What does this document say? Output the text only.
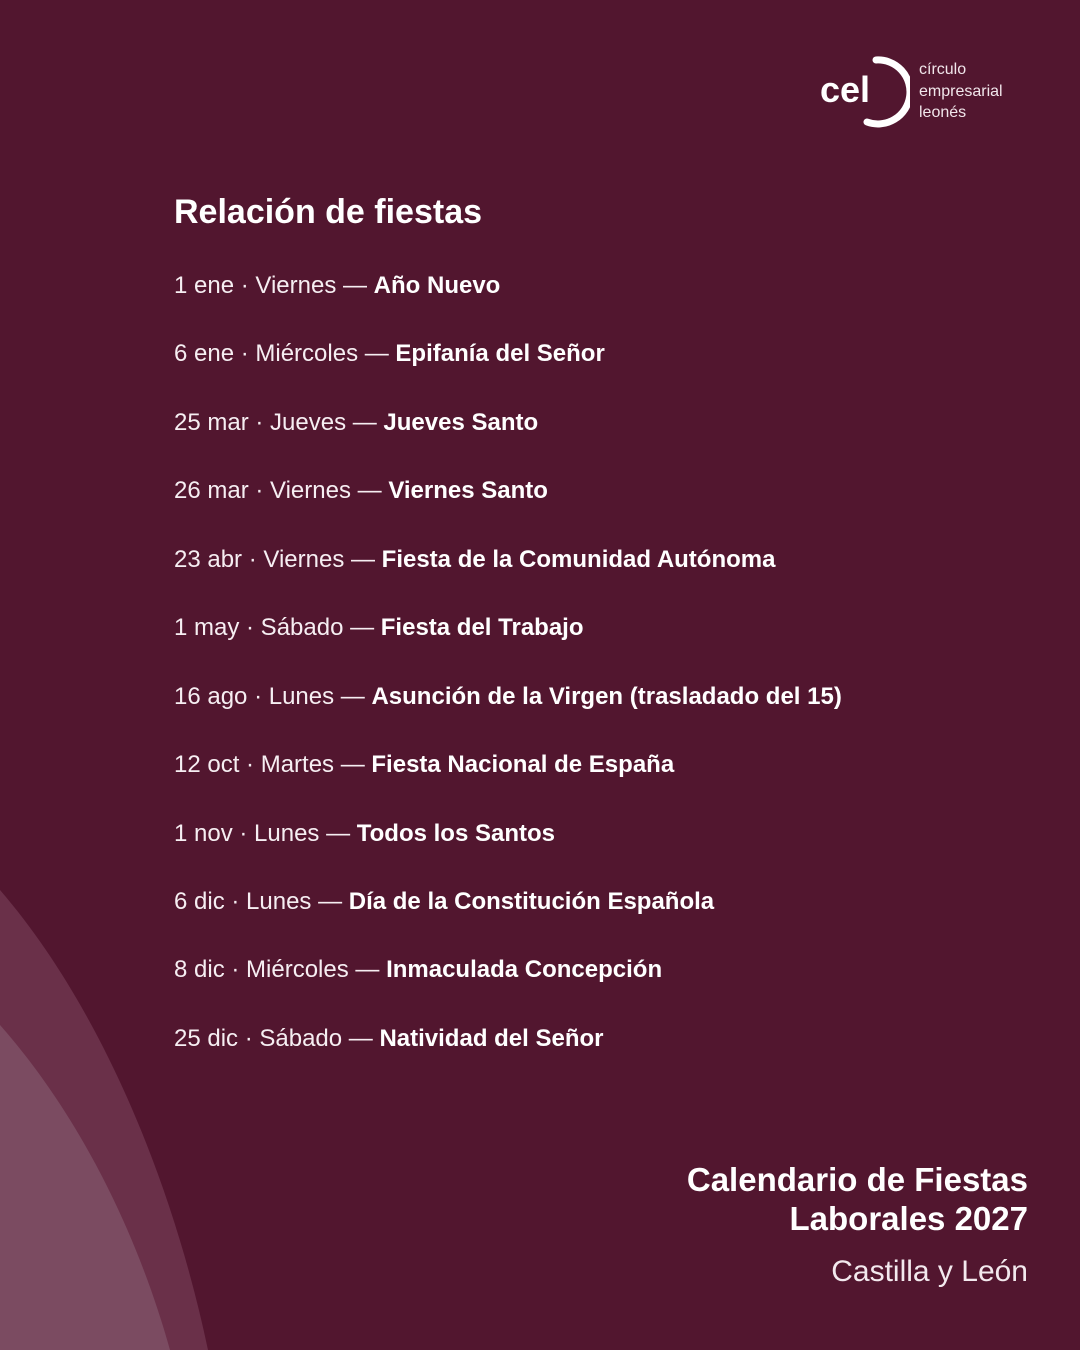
cel	círculo
empresarial
leonés
Relación de fiestas
1 ene · Viernes — Año Nuevo
6 ene · Miércoles — Epifanía del Señor
25 mar · Jueves — Jueves Santo
26 mar · Viernes — Viernes Santo
23 abr · Viernes — Fiesta de la Comunidad Autónoma
1 may · Sábado — Fiesta del Trabajo
16 ago · Lunes — Asunción de la Virgen (trasladado del 15)
12 oct · Martes — Fiesta Nacional de España
1 nov · Lunes — Todos los Santos
6 dic · Lunes — Día de la Constitución Española
8 dic · Miércoles — Inmaculada Concepción
25 dic · Sábado — Natividad del Señor
Calendario de Fiestas
Laborales 2027
Castilla y León
